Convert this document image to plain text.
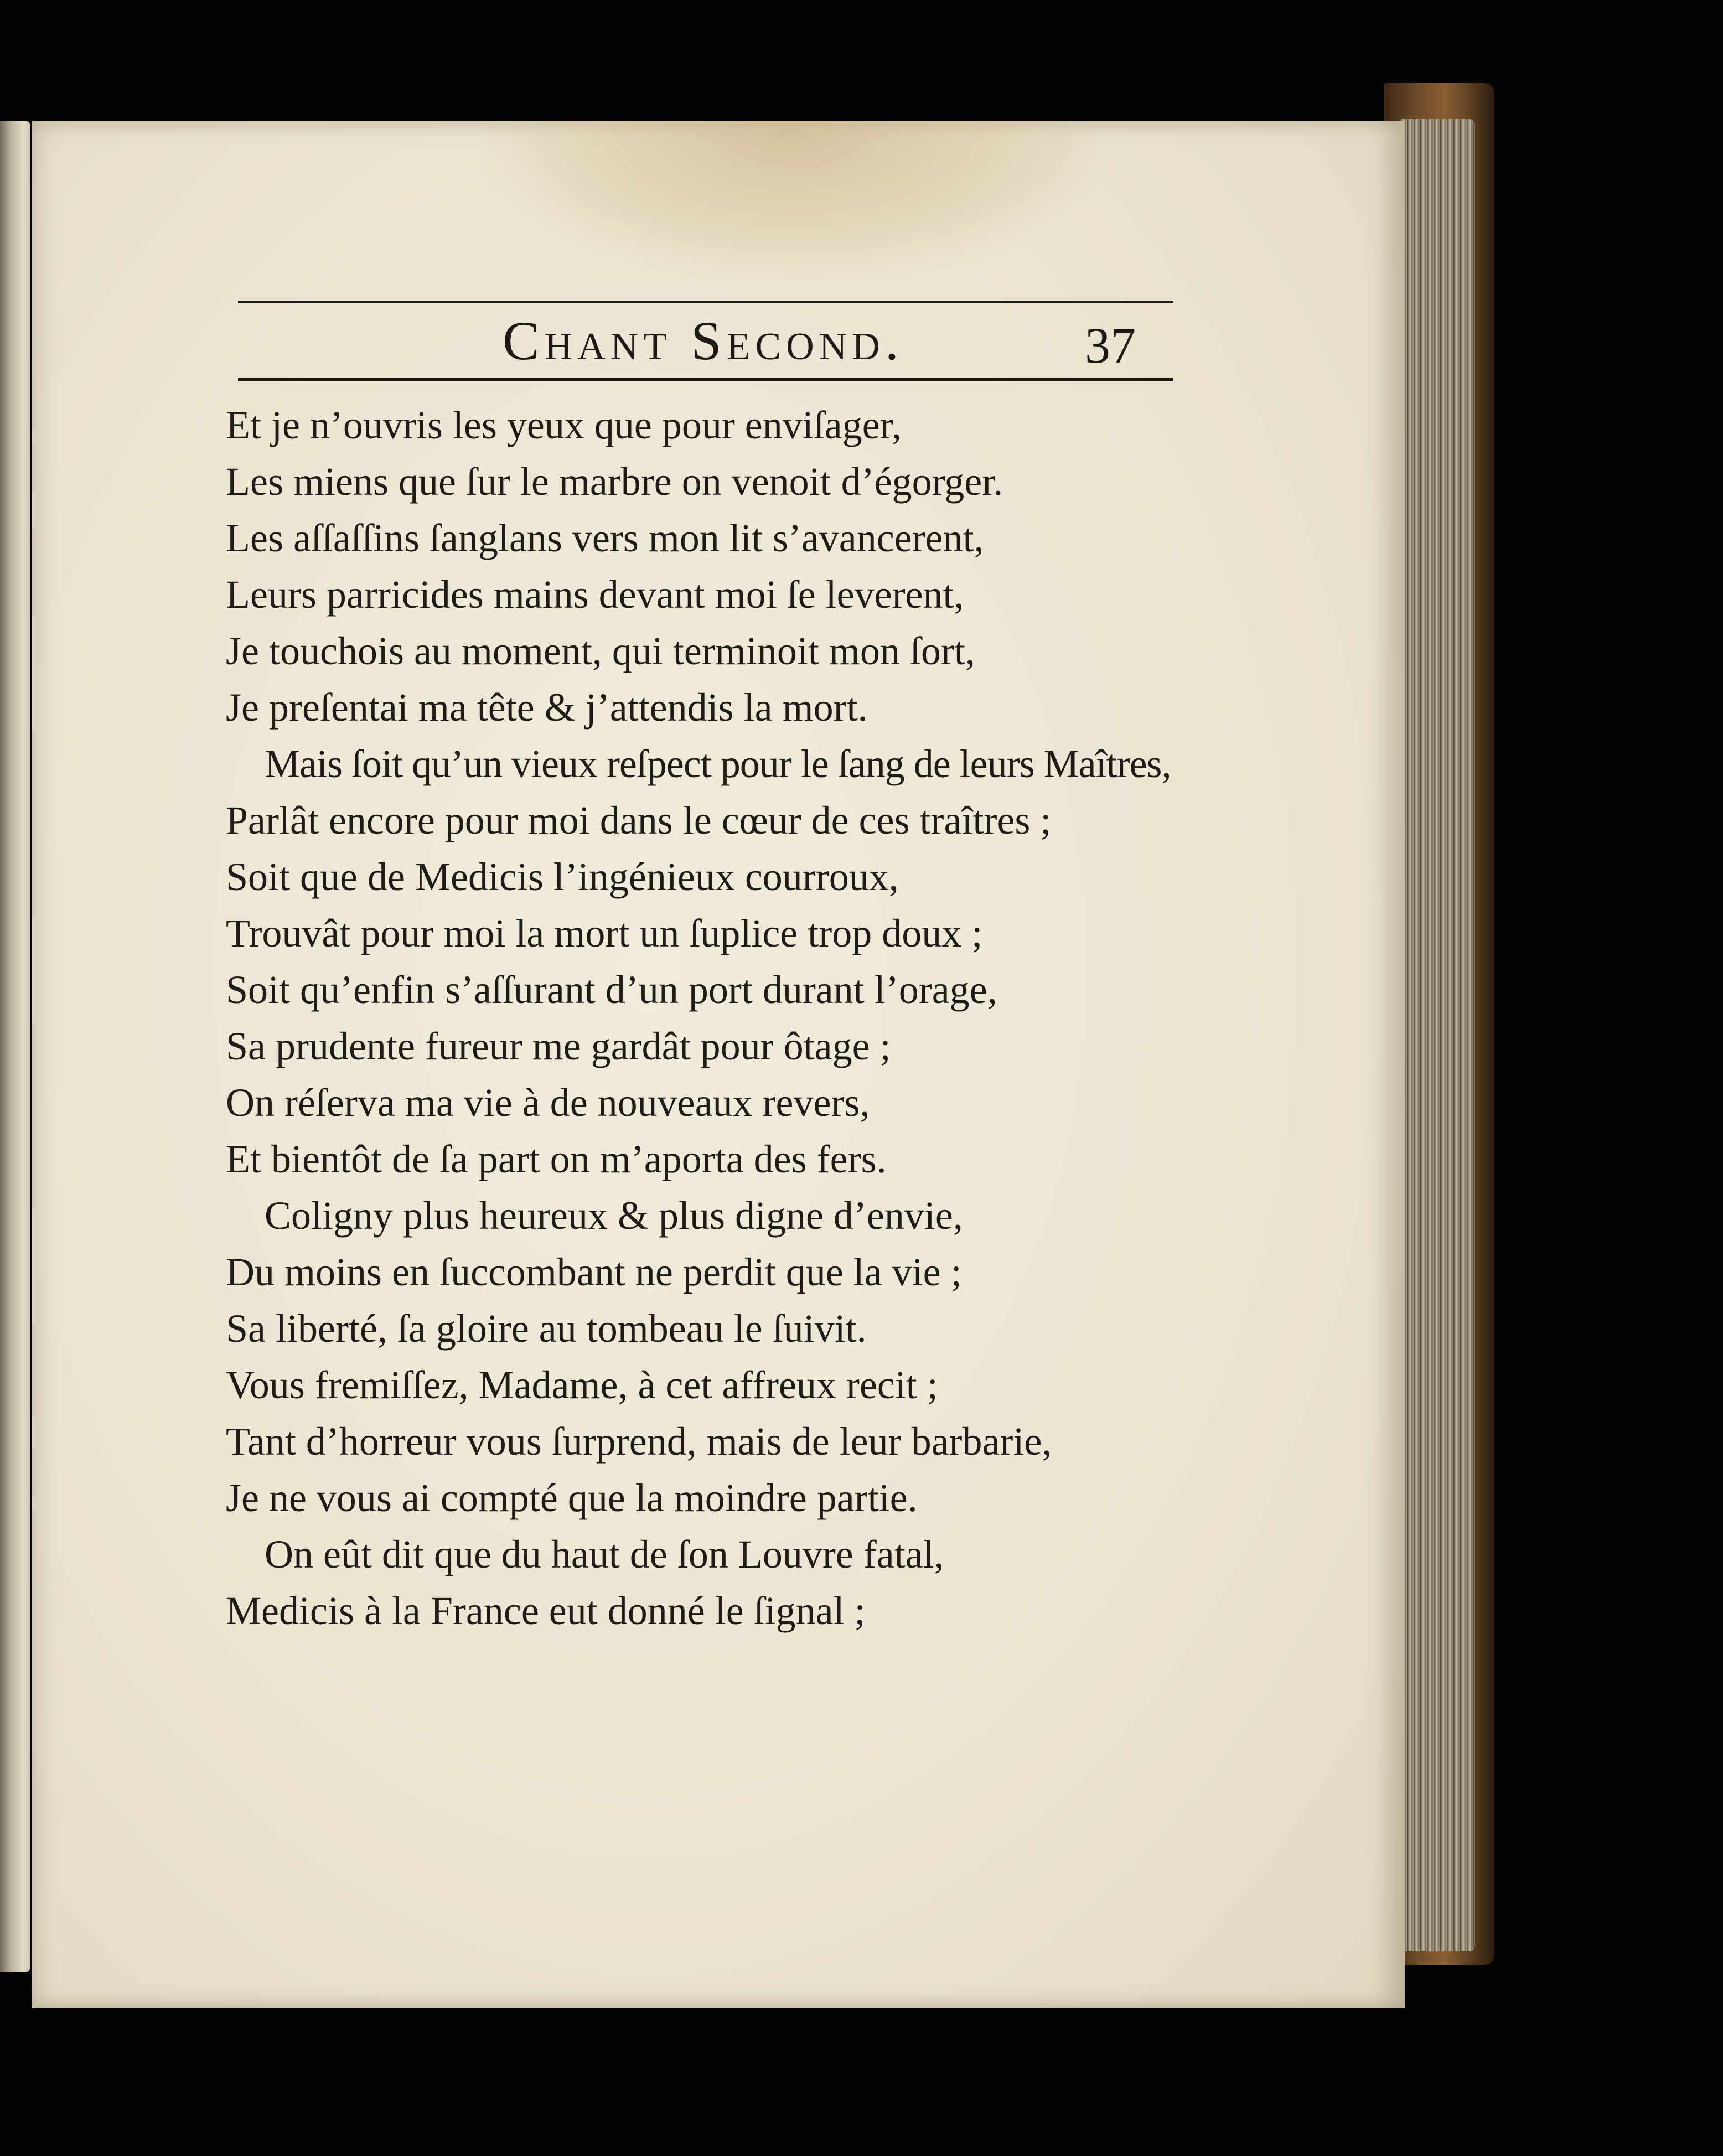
Chant Second.	37
Et je n’ouvris les yeux que pour enviſager,
Les miens que ſur le marbre on venoit d’égorger.
Les aſſaſſins ſanglans vers mon lit s’avancerent,
Leurs parricides mains devant moi ſe leverent,
Je touchois au moment, qui terminoit mon ſort,
Je preſentai ma tête & j’attendis la mort.
Mais ſoit qu’un vieux reſpect pour le ſang de leurs Maîtres,
Parlât encore pour moi dans le cœur de ces traîtres ;
Soit que de Medicis l’ingénieux courroux,
Trouvât pour moi la mort un ſuplice trop doux ;
Soit qu’enfin s’aſſurant d’un port durant l’orage,
Sa prudente fureur me gardât pour ôtage ;
On réſerva ma vie à de nouveaux revers,
Et bientôt de ſa part on m’aporta des fers.
Coligny plus heureux & plus digne d’envie,
Du moins en ſuccombant ne perdit que la vie ;
Sa liberté, ſa gloire au tombeau le ſuivit.
Vous fremiſſez, Madame, à cet affreux recit ;
Tant d’horreur vous ſurprend, mais de leur barbarie,
Je ne vous ai compté que la moindre partie.
On eût dit que du haut de ſon Louvre fatal,
Medicis à la France eut donné le ſignal ;
